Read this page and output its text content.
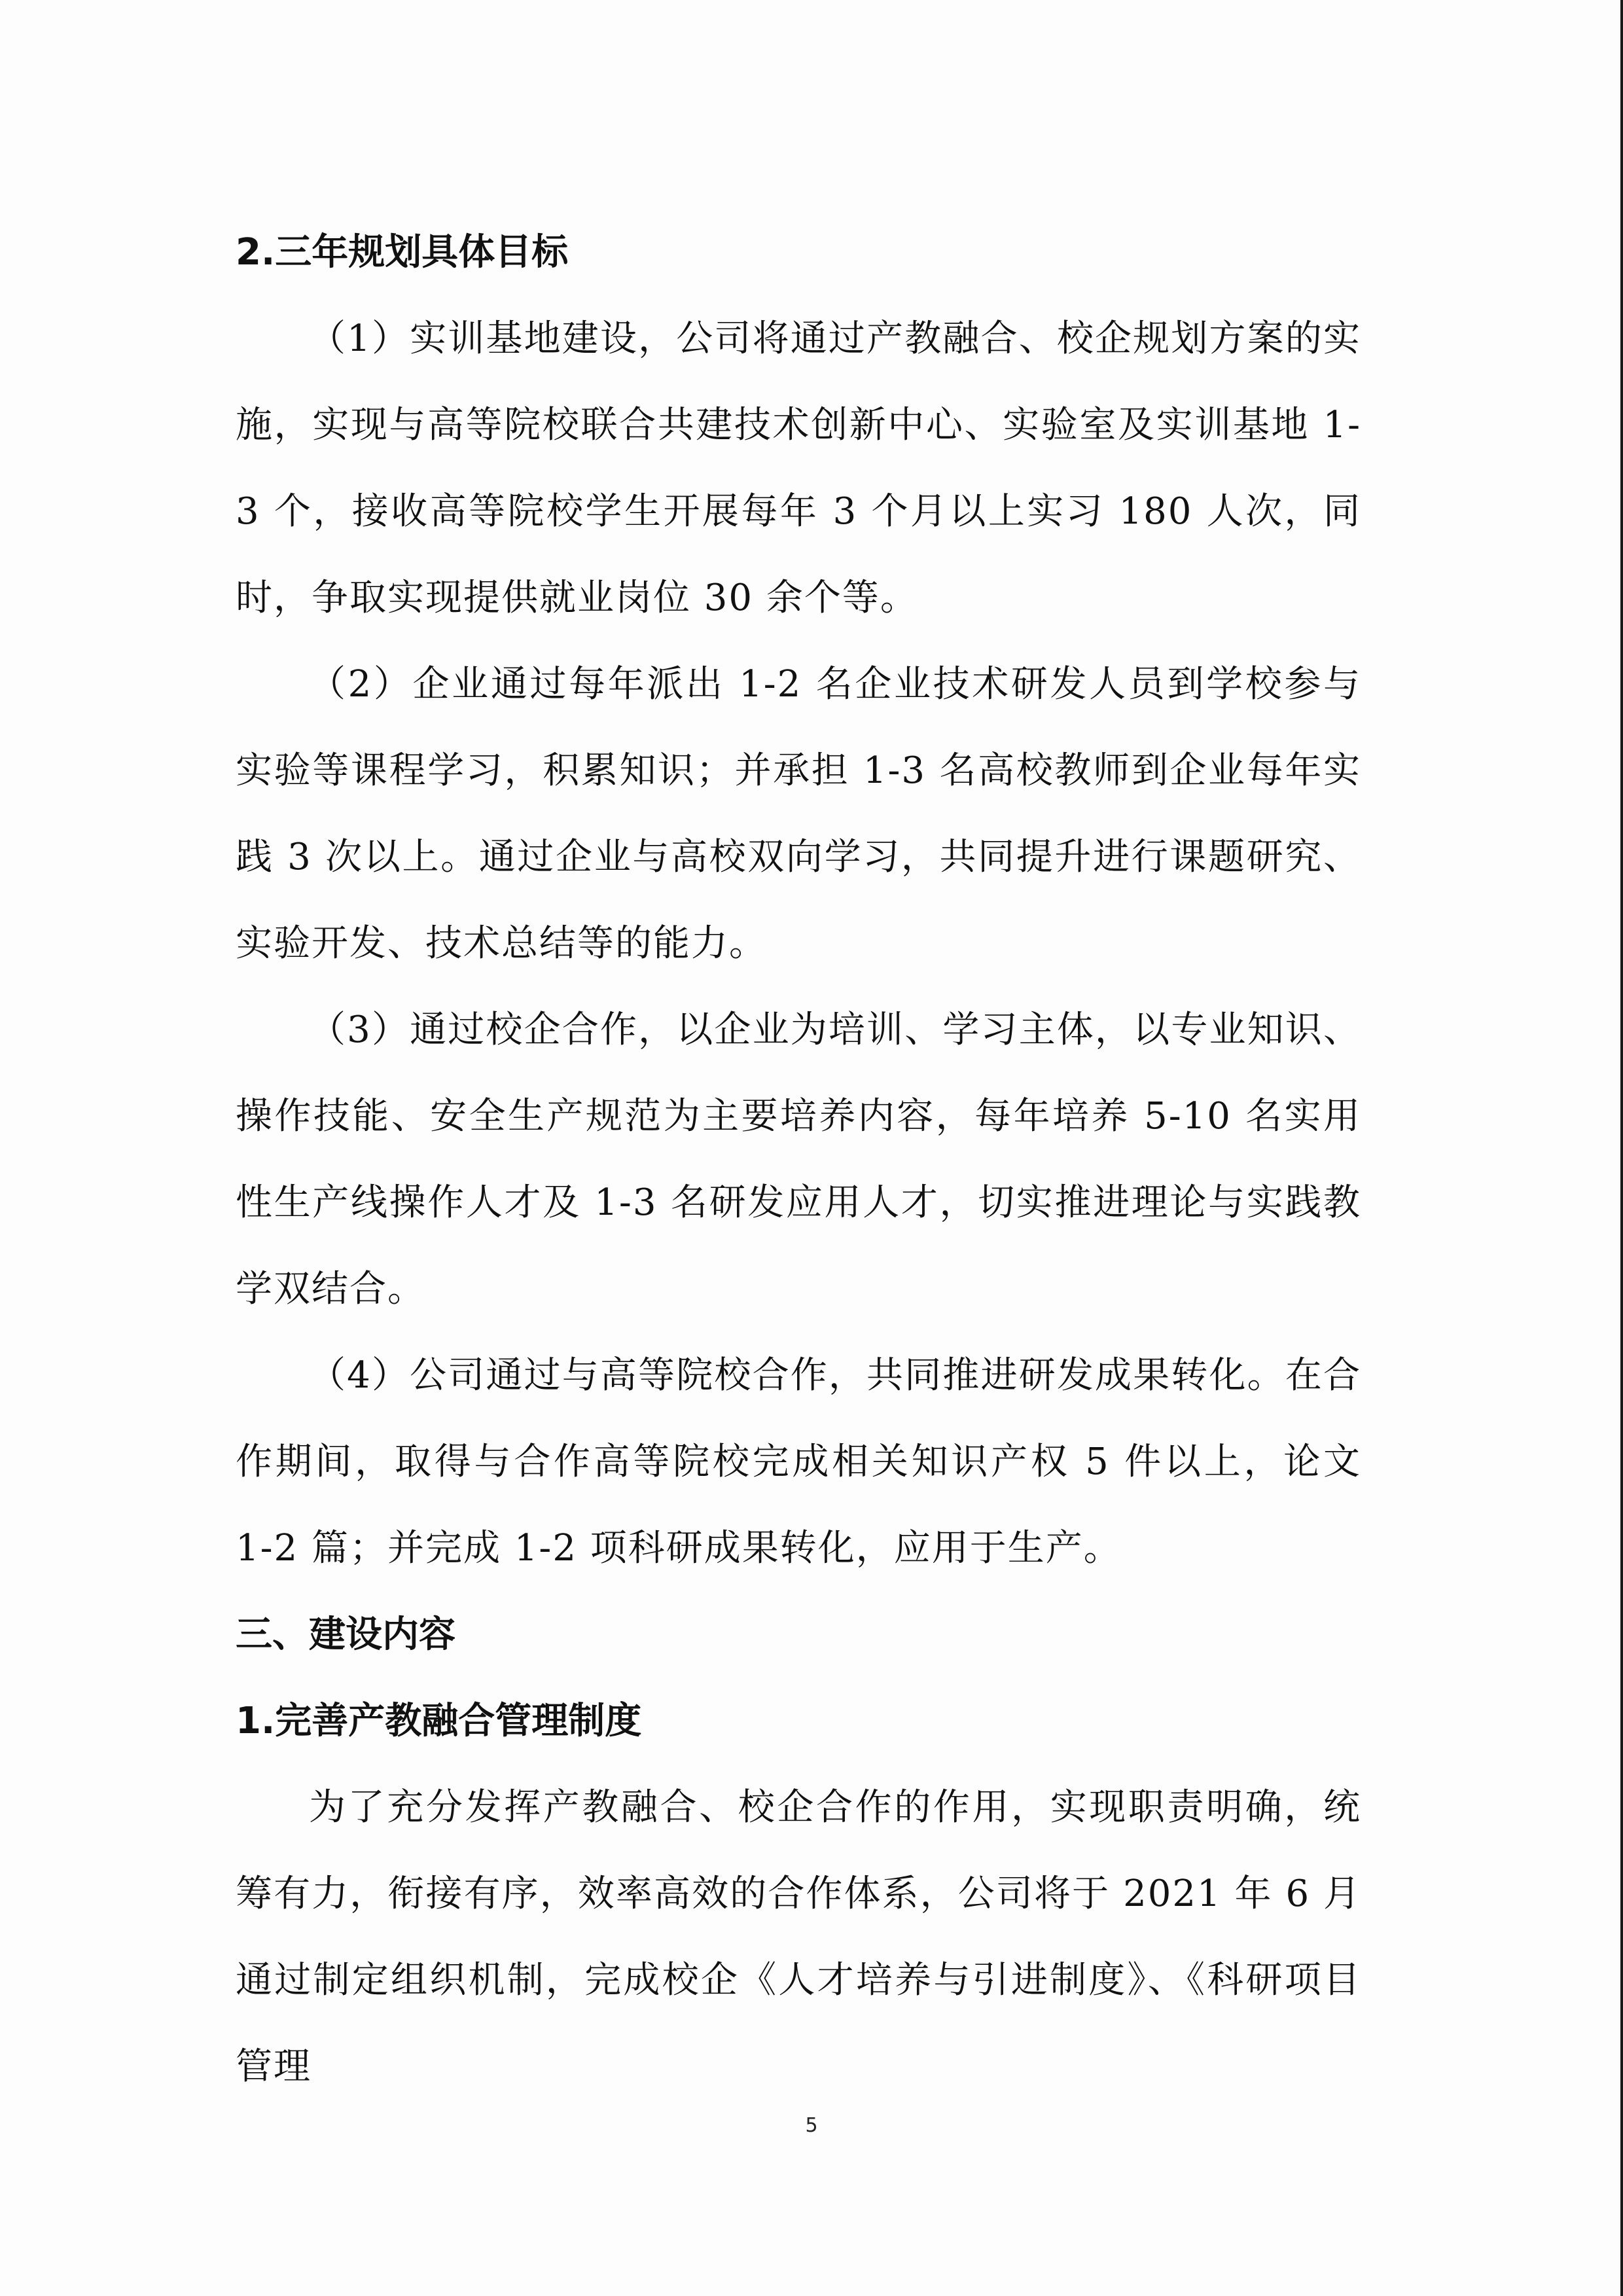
2.三年规划具体目标

（1）实训基地建设，公司将通过产教融合、校企规划方案的实施，实现与高等院校联合共建技术创新中心、实验室及实训基地 1-3 个，接收高等院校学生开展每年 3 个月以上实习 180 人次，同时，争取实现提供就业岗位 30 余个等。

（2）企业通过每年派出 1-2 名企业技术研发人员到学校参与实验等课程学习，积累知识；并承担 1-3 名高校教师到企业每年实践 3 次以上。通过企业与高校双向学习，共同提升进行课题研究、实验开发、技术总结等的能力。

（3）通过校企合作，以企业为培训、学习主体，以专业知识、操作技能、安全生产规范为主要培养内容，每年培养 5-10 名实用性生产线操作人才及 1-3 名研发应用人才，切实推进理论与实践教学双结合。

（4）公司通过与高等院校合作，共同推进研发成果转化。在合作期间，取得与合作高等院校完成相关知识产权 5 件以上，论文 1-2 篇；并完成 1-2 项科研成果转化，应用于生产。

三、建设内容

1.完善产教融合管理制度

为了充分发挥产教融合、校企合作的作用，实现职责明确，统筹有力，衔接有序，效率高效的合作体系，公司将于 2021 年 6 月通过制定组织机制，完成校企《人才培养与引进制度》、《科研项目管理

5
